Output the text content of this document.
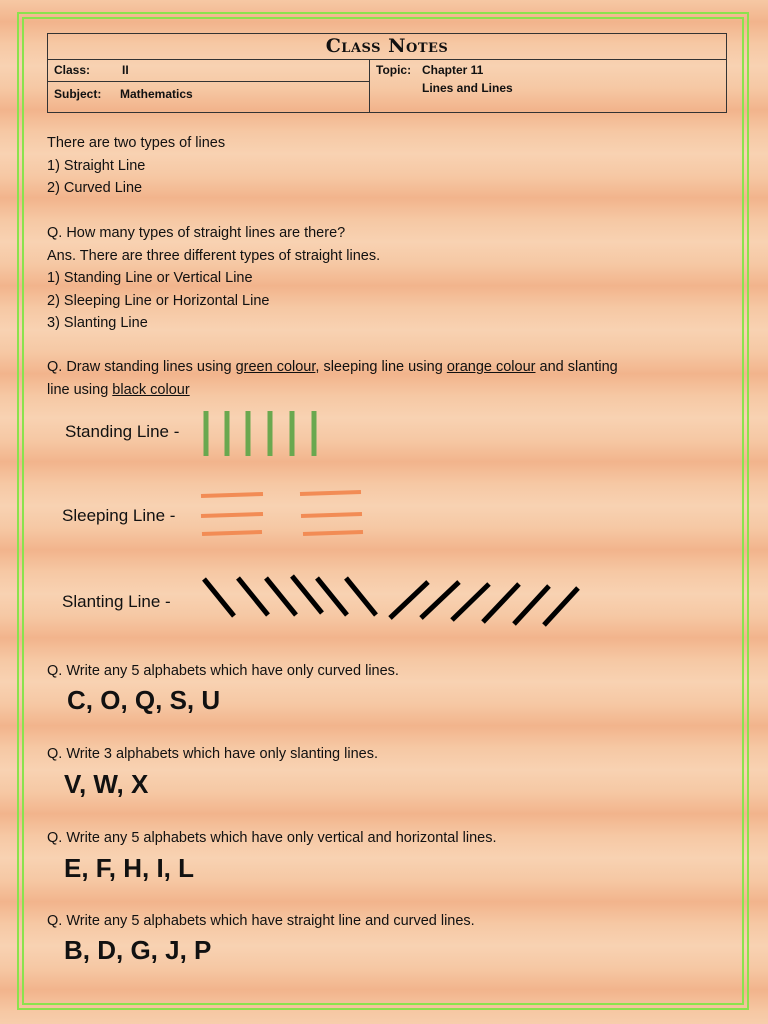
Class Notes
Class:	II
Subject: Mathematics
Topic: Chapter 11
Lines and Lines
There are two types of lines
1) Straight Line
2) Curved Line
Q. How many types of straight lines are there?
Ans. There are three different types of straight lines.
1) Standing Line or Vertical Line
2) Sleeping Line or Horizontal Line
3) Slanting Line
Q. Draw standing lines using green colour, sleeping line using orange colour and slanting
line using black colour
Standing Line -
Sleeping Line -
Slanting Line -
Q. Write any 5 alphabets which have only curved lines.
C, O, Q, S, U
Q. Write 3 alphabets which have only slanting lines.
V, W, X
Q. Write any 5 alphabets which have only vertical and horizontal lines.
E, F, H, I, L
Q. Write any 5 alphabets which have straight line and curved lines.
B, D, G, J, P
